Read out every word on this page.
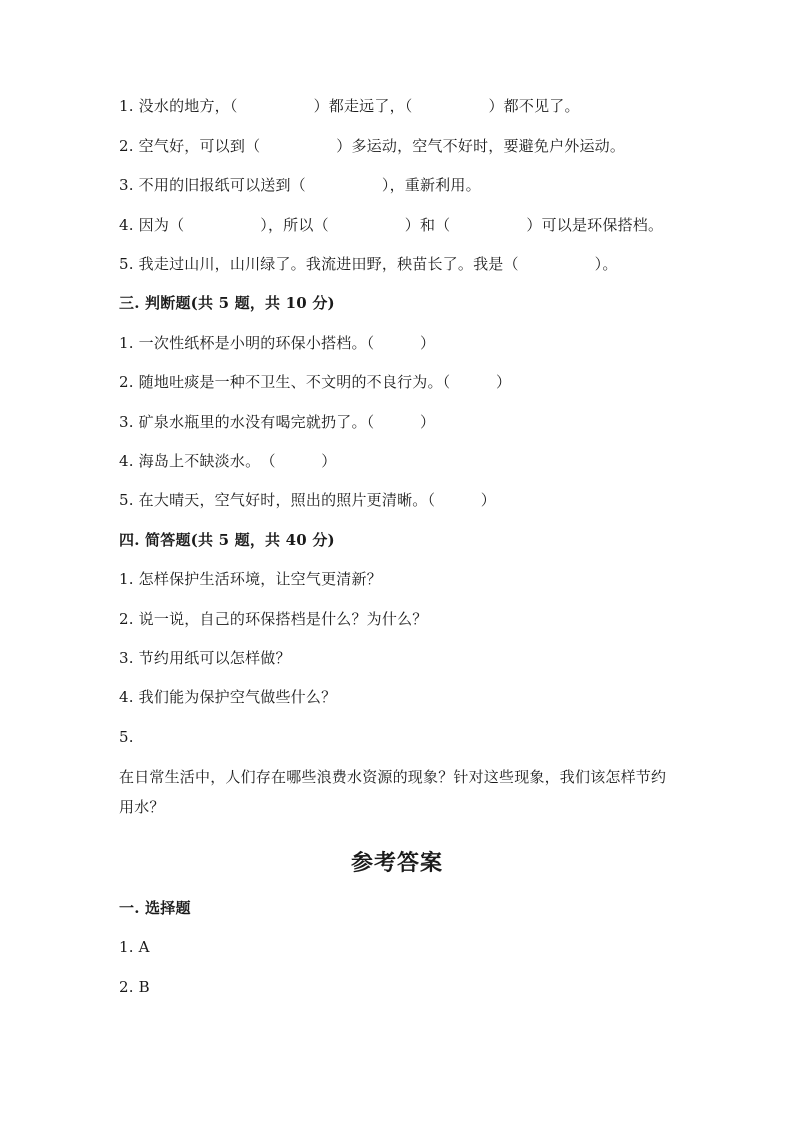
1. 没水的地方，（　　　　　）都走远了，（　　　　　）都不见了。
2. 空气好，可以到（　　　　　）多运动，空气不好时，要避免户外运动。
3. 不用的旧报纸可以送到（　　　　　），重新利用。
4. 因为（　　　　　），所以（　　　　　）和（　　　　　）可以是环保搭档。
5. 我走过山川，山川绿了。我流进田野，秧苗长了。我是（　　　　　）。
三. 判断题(共 5 题，共 10 分)
1. 一次性纸杯是小明的环保小搭档。（　　　）
2. 随地吐痰是一种不卫生、不文明的不良行为。（　　　）
3. 矿泉水瓶里的水没有喝完就扔了。（　　　）
4. 海岛上不缺淡水。　（　　　）
5. 在大晴天，空气好时，照出的照片更清晰。（　　　）
四. 简答题(共 5 题，共 40 分)
1. 怎样保护生活环境，让空气更清新？
2. 说一说，自己的环保搭档是什么？为什么？
3. 节约用纸可以怎样做？
4. 我们能为保护空气做些什么？
5.
在日常生活中，人们存在哪些浪费水资源的现象？针对这些现象，我们该怎样节约用水？
参考答案
一. 选择题
1. A
2. B
